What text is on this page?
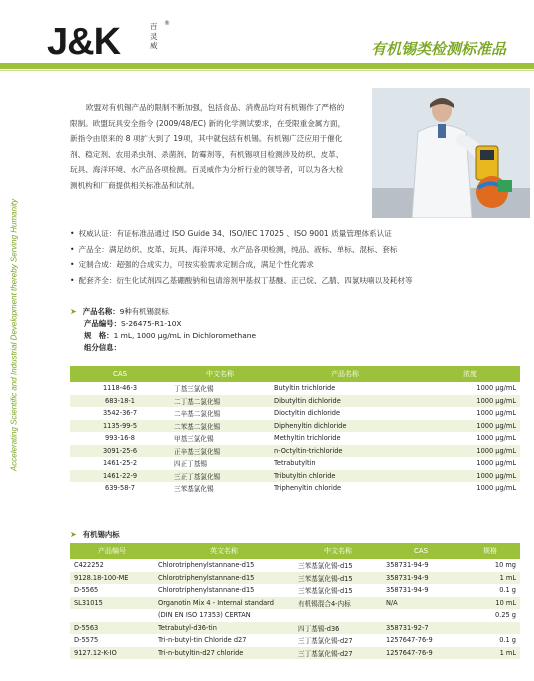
J&K	百
灵
威
®
有机锡类检测标准品
Accelerating Scientific and Industrial Development thereby Serving Humanity

欧盟对有机锡产品的限制不断加强，包括食品、消费品均对有机锡作了严格的限制。欧盟玩具安全指令 (2009/48/EC) 新的化学测试要求，在受限重金属方面，新指令由原来的 8 项扩大到了 19项，其中就包括有机锡。有机锡广泛应用于催化剂、稳定剂、农用杀虫剂、杀菌剂、防霉剂等，有机锡项目检测涉及纺织、皮革、玩具、海洋环境、水产品各项检测。百灵威作为分析行业的领导者，可以为各大检测机构和厂商提供相关标准品和试剂。

• 权威认证：有证标准品通过 ISO Guide 34、ISO/IEC 17025 、ISO 9001 质量管理体系认证
• 产品全：满足纺织、皮革、玩具、海洋环境、水产品各项检测，纯品、液标、单标、混标、套标
• 定制合成：超强的合成实力，可按实验需求定制合成，满足个性化需求
• 配套齐全：衍生化试剂四乙基硼酸钠和包请溶剂甲基叔丁基醚、正己烷、乙腈、四氯呋喃以及耗材等
➤ 产品名称：9种有机锡混标
产品编号：S-26475-R1-10X
规　格：1 mL, 1000 μg/mL in Dichloromethane
组分信息：
CAS	中文名称	产品名称	浓度
1118-46-3	丁基三氯化锡	Butyltin trichloride	1000 μg/mL
683-18-1	二丁基二氯化锡	Dibutyltin dichloride	1000 μg/mL
3542-36-7	二辛基二氯化锡	Dioctyltin dichloride	1000 μg/mL
1135-99-5	二苯基二氯化锡	Diphenyltin dichloride	1000 μg/mL
993-16-8	甲基三氯化锡	Methyltin trichloride	1000 μg/mL
3091-25-6	正辛基三氯化锡	n-Octyltin-trichloride	1000 μg/mL
1461-25-2	四正丁基锡	Tetrabutyltin	1000 μg/mL
1461-22-9	三正丁基氯化锡	Tributyltin chloride	1000 μg/mL
639-58-7	三苯基氯化锡	Triphenyltin chloride	1000 μg/mL
➤ 有机锡内标
产品编号	英文名称	中文名称	CAS	规格
C422252	Chlorotriphenylstannane-d15	三苯基氯化锡-d15	358731-94-9	10 mg
9128.18-100-ME	Chlorotriphenylstannane-d15	三苯基氯化锡-d15	358731-94-9	1 mL
D-5565	Chlorotriphenylstannane-d15	三苯基氯化锡-d15	358731-94-9	0.1 g
SL31015	Organotin Mix 4 - Internal standard	有机锡混合4-内标	N/A	10 mL
	(DIN EN ISO 17353) CERTAN			0.25 g
D-5563	Tetrabutyl-d36-tin	四丁基锡-d36	358731-92-7	
D-5575	Tri-n-butyl-tin Chloride d27	三丁基氯化锡-d27	1257647-76-9	0.1 g
9127.12-K-IO	Tri-n-butyltin-d27 chloride	三丁基氯化锡-d27	1257647-76-9	1 mL
